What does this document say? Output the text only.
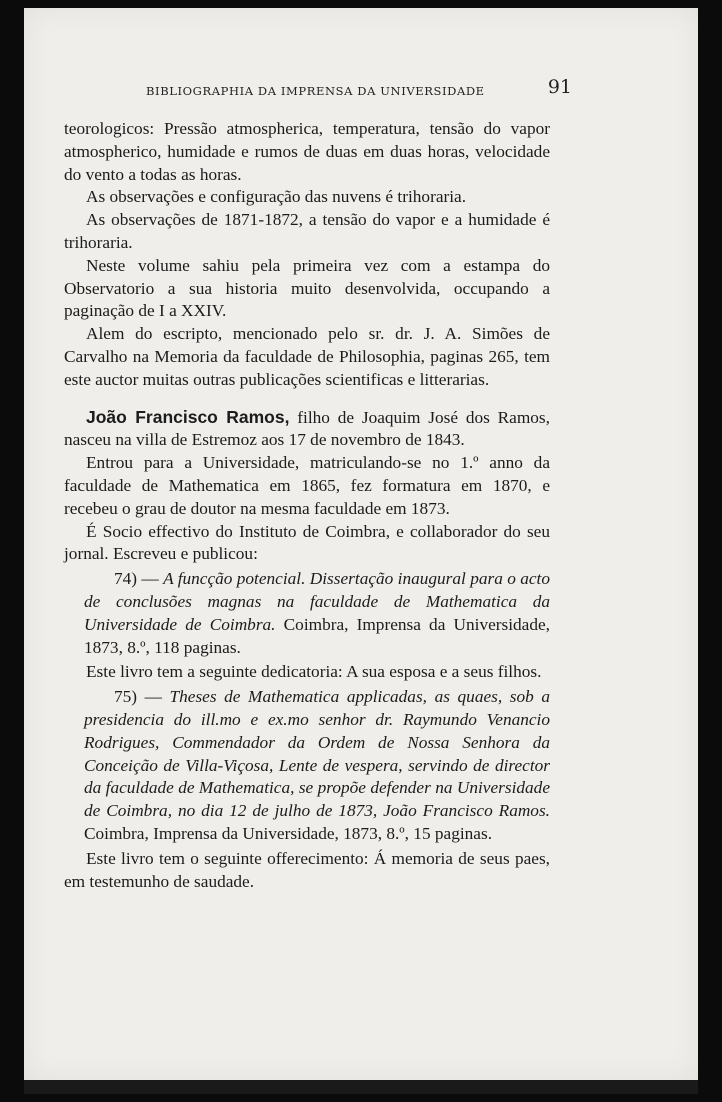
BIBLIOGRAPHIA DA IMPRENSA DA UNIVERSIDADE	91

teorologicos: Pressão atmospherica, temperatura, tensão do vapor atmospherico, humidade e rumos de duas em duas horas, velocidade do vento a todas as horas.

As observações e configuração das nuvens é trihoraria.

As observações de 1871-1872, a tensão do vapor e a humidade é trihoraria.

Neste volume sahiu pela primeira vez com a estampa do Observatorio a sua historia muito desenvolvida, occupando a paginação de I a XXIV.

Alem do escripto, mencionado pelo sr. dr. J. A. Simões de Carvalho na Memoria da faculdade de Philosophia, paginas 265, tem este auctor muitas outras publicações scientificas e litterarias.

João Francisco Ramos, filho de Joaquim José dos Ramos, nasceu na villa de Estremoz aos 17 de novembro de 1843.

Entrou para a Universidade, matriculando-se no 1.º anno da faculdade de Mathematica em 1865, fez formatura em 1870, e recebeu o grau de doutor na mesma faculdade em 1873.

É Socio effectivo do Instituto de Coimbra, e collaborador do seu jornal. Escreveu e publicou:

74) — A funcção potencial. Dissertação inaugural para o acto de conclusões magnas na faculdade de Mathematica da Universidade de Coimbra. Coimbra, Imprensa da Universidade, 1873, 8.º, 118 paginas.

Este livro tem a seguinte dedicatoria: A sua esposa e a seus filhos.

75) — Theses de Mathematica applicadas, as quaes, sob a presidencia do ill.mo e ex.mo senhor dr. Raymundo Venancio Rodrigues, Commendador da Ordem de Nossa Senhora da Conceição de Villa-Viçosa, Lente de vespera, servindo de director da faculdade de Mathematica, se propõe defender na Universidade de Coimbra, no dia 12 de julho de 1873, João Francisco Ramos. Coimbra, Imprensa da Universidade, 1873, 8.º, 15 paginas.

Este livro tem o seguinte offerecimento: Á memoria de seus paes, em testemunho de saudade.
